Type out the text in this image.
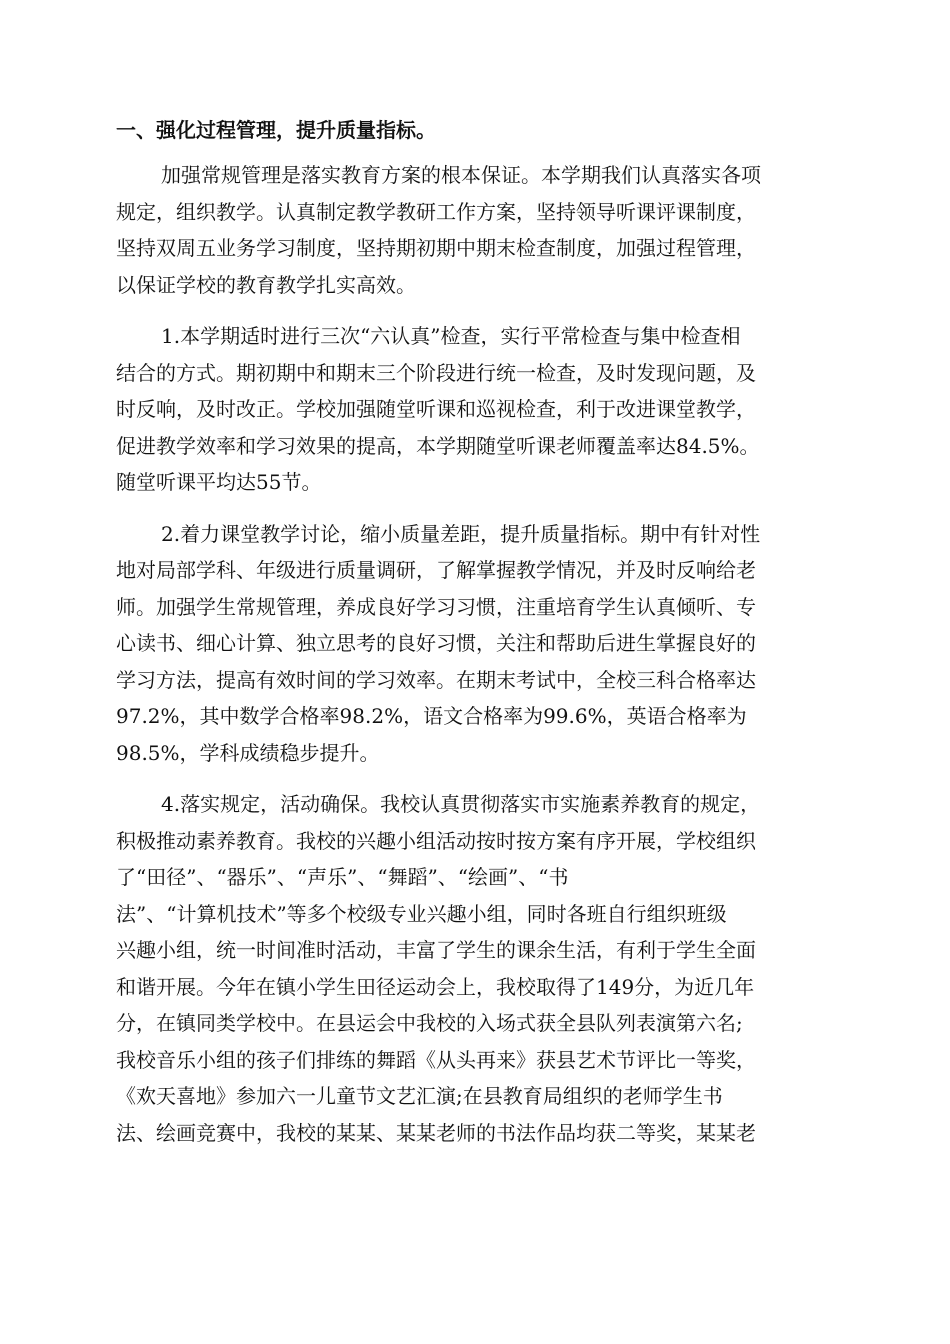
一、强化过程管理，提升质量指标。
加强常规管理是落实教育方案的根本保证。本学期我们认真落实各项
规定，组织教学。认真制定教学教研工作方案，坚持领导听课评课制度，
坚持双周五业务学习制度，坚持期初期中期末检查制度，加强过程管理，
以保证学校的教育教学扎实高效。
1.本学期适时进行三次“六认真”检查，实行平常检查与集中检查相
结合的方式。期初期中和期末三个阶段进行统一检查，及时发现问题，及
时反响，及时改正。学校加强随堂听课和巡视检查，利于改进课堂教学，
促进教学效率和学习效果的提高，本学期随堂听课老师覆盖率达84.5%。
随堂听课平均达55节。
2.着力课堂教学讨论，缩小质量差距，提升质量指标。期中有针对性
地对局部学科、年级进行质量调研，了解掌握教学情况，并及时反响给老
师。加强学生常规管理，养成良好学习习惯，注重培育学生认真倾听、专
心读书、细心计算、独立思考的良好习惯，关注和帮助后进生掌握良好的
学习方法，提高有效时间的学习效率。在期末考试中，全校三科合格率达
97.2%，其中数学合格率98.2%，语文合格率为99.6%，英语合格率为
98.5%，学科成绩稳步提升。
4.落实规定，活动确保。我校认真贯彻落实市实施素养教育的规定，
积极推动素养教育。我校的兴趣小组活动按时按方案有序开展，学校组织
了“田径”、“器乐”、“声乐”、“舞蹈”、“绘画”、“书
法”、“计算机技术”等多个校级专业兴趣小组，同时各班自行组织班级
兴趣小组，统一时间准时活动，丰富了学生的课余生活，有利于学生全面
和谐开展。今年在镇小学生田径运动会上，我校取得了149分，为近几年
分，在镇同类学校中。在县运会中我校的入场式获全县队列表演第六名;
我校音乐小组的孩子们排练的舞蹈《从头再来》获县艺术节评比一等奖，
《欢天喜地》参加六一儿童节文艺汇演;在县教育局组织的老师学生书
法、绘画竞赛中，我校的某某、某某老师的书法作品均获二等奖，某某老
